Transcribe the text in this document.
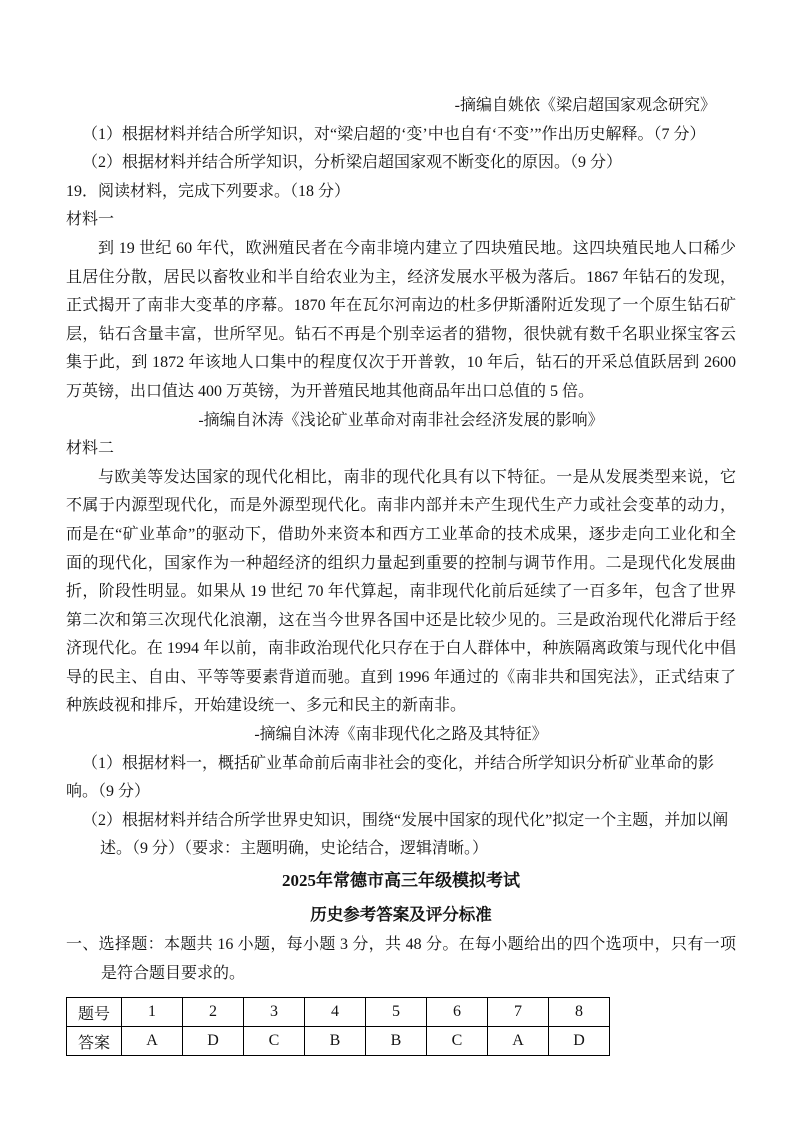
-摘编自姚依《梁启超国家观念研究》

（1）根据材料并结合所学知识，对“梁启超的‘变’中也自有‘不变’”作出历史解释。（7 分）

（2）根据材料并结合所学知识，分析梁启超国家观不断变化的原因。（9 分）

19．阅读材料，完成下列要求。（18 分）

材料一

到 19 世纪 60 年代，欧洲殖民者在今南非境内建立了四块殖民地。这四块殖民地人口稀少且居住分散，居民以畜牧业和半自给农业为主，经济发展水平极为落后。1867 年钻石的发现，正式揭开了南非大变革的序幕。1870 年在瓦尔河南边的杜多伊斯潘附近发现了一个原生钻石矿层，钻石含量丰富，世所罕见。钻石不再是个别幸运者的猎物，很快就有数千名职业探宝客云集于此，到 1872 年该地人口集中的程度仅次于开普敦，10 年后，钻石的开采总值跃居到 2600 万英镑，出口值达 400 万英镑，为开普殖民地其他商品年出口总值的 5 倍。

-摘编自沐涛《浅论矿业革命对南非社会经济发展的影响》

材料二

与欧美等发达国家的现代化相比，南非的现代化具有以下特征。一是从发展类型来说，它不属于内源型现代化，而是外源型现代化。南非内部并未产生现代生产力或社会变革的动力，而是在“矿业革命”的驱动下，借助外来资本和西方工业革命的技术成果，逐步走向工业化和全面的现代化，国家作为一种超经济的组织力量起到重要的控制与调节作用。二是现代化发展曲折，阶段性明显。如果从 19 世纪 70 年代算起，南非现代化前后延续了一百多年，包含了世界第二次和第三次现代化浪潮，这在当今世界各国中还是比较少见的。三是政治现代化滞后于经济现代化。在 1994 年以前，南非政治现代化只存在于白人群体中，种族隔离政策与现代化中倡导的民主、自由、平等等要素背道而驰。直到 1996 年通过的《南非共和国宪法》，正式结束了种族歧视和排斥，开始建设统一、多元和民主的新南非。

-摘编自沐涛《南非现代化之路及其特征》

（1）根据材料一，概括矿业革命前后南非社会的变化，并结合所学知识分析矿业革命的影响。（9 分）

（2）根据材料并结合所学世界史知识，围绕“发展中国家的现代化”拟定一个主题，并加以阐述。（9 分）（要求：主题明确，史论结合，逻辑清晰。）

2025年常德市高三年级模拟考试

历史参考答案及评分标准

一、选择题：本题共 16 小题，每小题 3 分，共 48 分。在每小题给出的四个选项中，只有一项是符合题目要求的。

题号	1	2	3	4	5	6	7	8
答案	A	D	C	B	B	C	A	D
